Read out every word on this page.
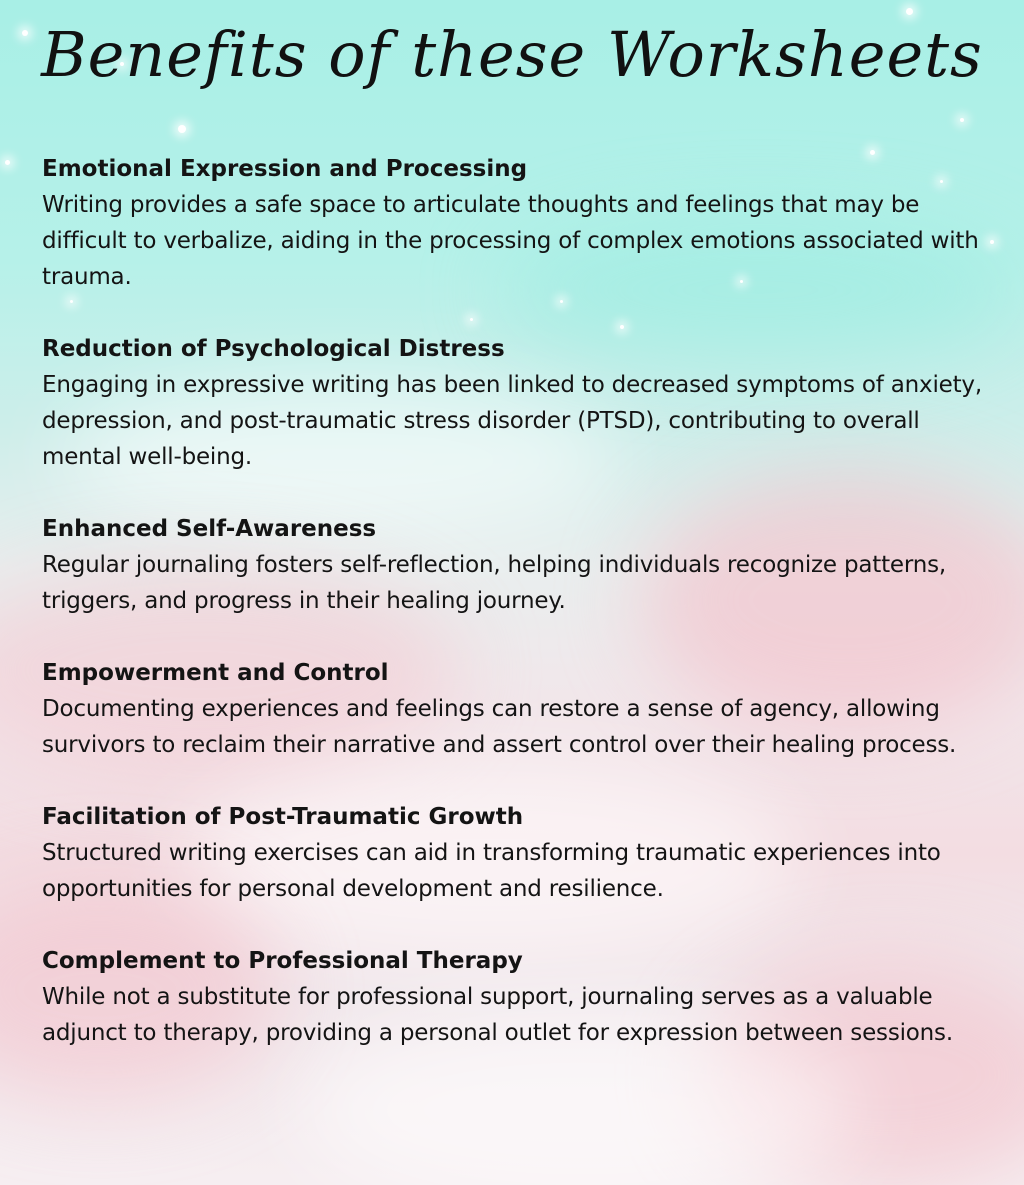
Benefits of these Worksheets

Emotional Expression and Processing

Writing provides a safe space to articulate thoughts and feelings that may be difficult to verbalize, aiding in the processing of complex emotions associated with trauma.

Reduction of Psychological Distress

Engaging in expressive writing has been linked to decreased symptoms of anxiety, depression, and post-traumatic stress disorder (PTSD), contributing to overall mental well-being.

Enhanced Self-Awareness

Regular journaling fosters self-reflection, helping individuals recognize patterns, triggers, and progress in their healing journey.

Empowerment and Control

Documenting experiences and feelings can restore a sense of agency, allowing survivors to reclaim their narrative and assert control over their healing process.

Facilitation of Post-Traumatic Growth

Structured writing exercises can aid in transforming traumatic experiences into opportunities for personal development and resilience.

Complement to Professional Therapy

While not a substitute for professional support, journaling serves as a valuable adjunct to therapy, providing a personal outlet for expression between sessions.
